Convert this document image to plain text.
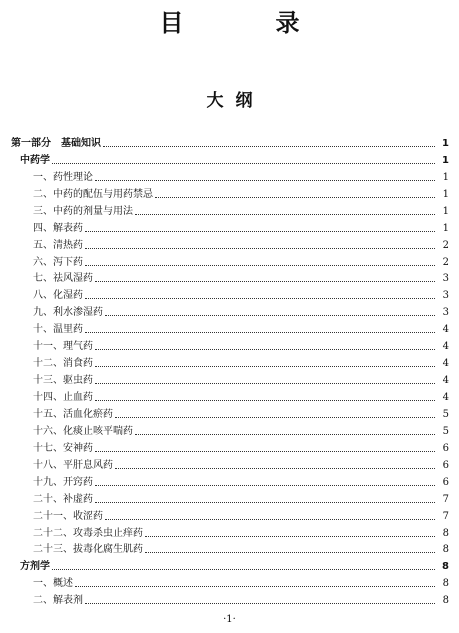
目　录
大纲
第一部分　基础知识	1
中药学	1
一、药性理论	1
二、中药的配伍与用药禁忌	1
三、中药的剂量与用法	1
四、解表药	1
五、清热药	2
六、泻下药	2
七、祛风湿药	3
八、化湿药	3
九、利水渗湿药	3
十、温里药	4
十一、理气药	4
十二、消食药	4
十三、驱虫药	4
十四、止血药	4
十五、活血化瘀药	5
十六、化痰止咳平喘药	5
十七、安神药	6
十八、平肝息风药	6
十九、开窍药	6
二十、补虚药	7
二十一、收涩药	7
二十二、攻毒杀虫止痒药	8
二十三、拔毒化腐生肌药	8
方剂学	8
一、概述	8
二、解表剂	8
·1·
